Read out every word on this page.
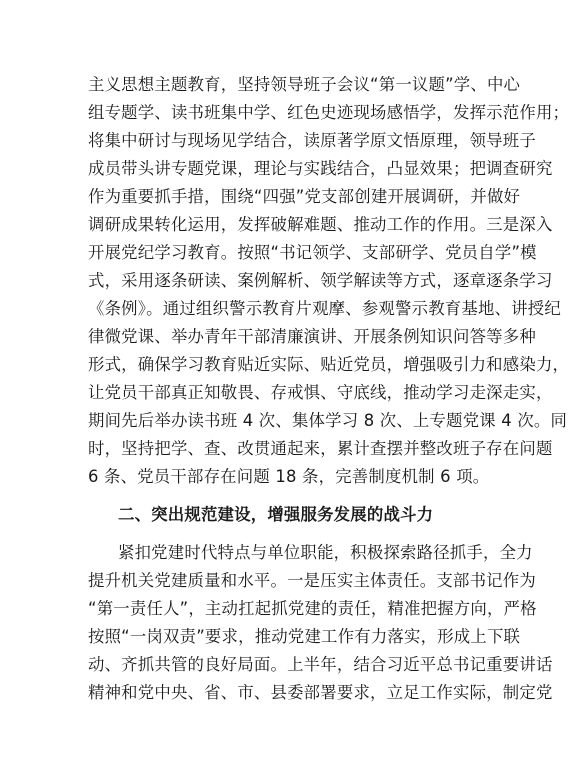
主义思想主题教育，坚持领导班子会议“第一议题”学、中心
组专题学、读书班集中学、红色史迹现场感悟学，发挥示范作用；
将集中研讨与现场见学结合，读原著学原文悟原理，领导班子
成员带头讲专题党课，理论与实践结合，凸显效果；把调查研究
作为重要抓手措，围绕“四强”党支部创建开展调研，并做好
调研成果转化运用，发挥破解难题、推动工作的作用。三是深入
开展党纪学习教育。按照“书记领学、支部研学、党员自学”模
式，采用逐条研读、案例解析、领学解读等方式，逐章逐条学习
《条例》。通过组织警示教育片观摩、参观警示教育基地、讲授纪
律微党课、举办青年干部清廉演讲、开展条例知识问答等多种
形式，确保学习教育贴近实际、贴近党员，增强吸引力和感染力，
让党员干部真正知敬畏、存戒惧、守底线，推动学习走深走实，
期间先后举办读书班 4 次、集体学习 8 次、上专题党课 4 次。同
时，坚持把学、查、改贯通起来，累计查摆并整改班子存在问题
6 条、党员干部存在问题 18 条，完善制度机制 6 项。
二、突出规范建设，增强服务发展的战斗力
紧扣党建时代特点与单位职能，积极探索路径抓手，全力
提升机关党建质量和水平。一是压实主体责任。支部书记作为
“第一责任人”，主动扛起抓党建的责任，精准把握方向，严格
按照“一岗双责”要求，推动党建工作有力落实，形成上下联
动、齐抓共管的良好局面。上半年，结合习近平总书记重要讲话
精神和党中央、省、市、县委部署要求，立足工作实际，制定党
